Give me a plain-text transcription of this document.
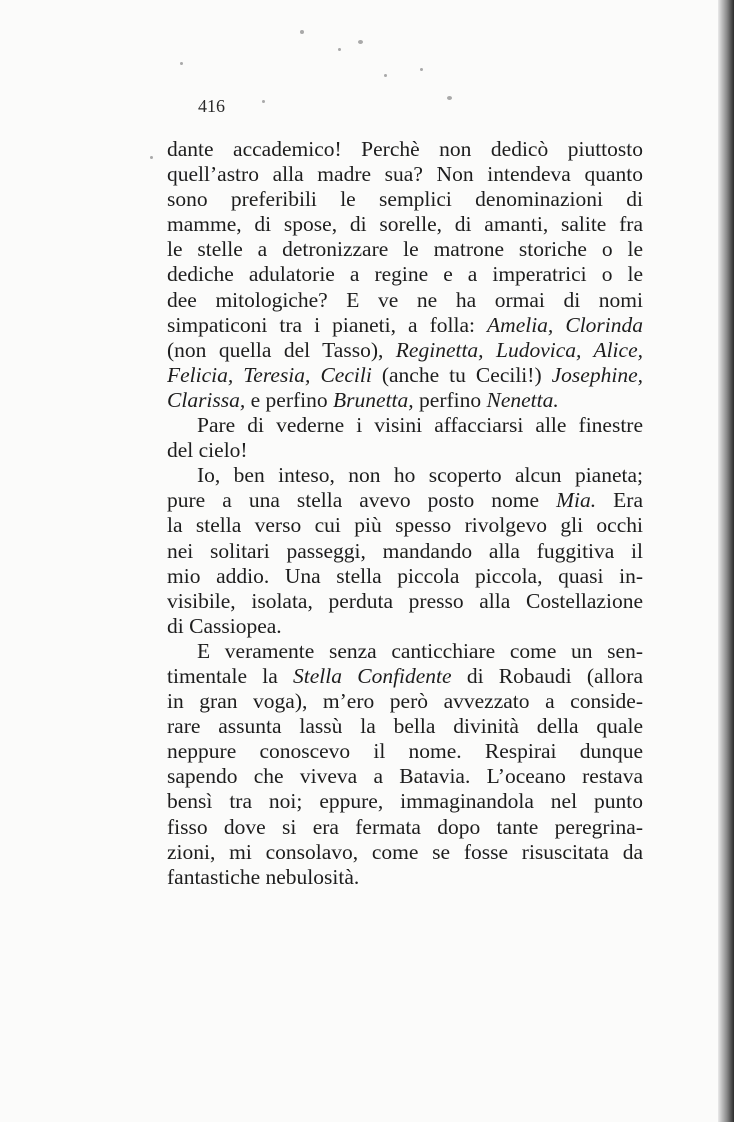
416
dante accademico! Perchè non dedicò piuttosto
quell’astro alla madre sua? Non intendeva quanto
sono preferibili le semplici denominazioni di
mamme, di spose, di sorelle, di amanti, salite fra
le stelle a detronizzare le matrone storiche o le
dediche adulatorie a regine e a imperatrici o le
dee mitologiche? E ve ne ha ormai di nomi
simpaticoni tra i pianeti, a folla: Amelia, Clorinda
(non quella del Tasso), Reginetta, Ludovica, Alice,
Felicia, Teresia, Cecili (anche tu Cecili!) Josephine,
Clarissa, e perfino Brunetta, perfino Nenetta.
Pare di vederne i visini affacciarsi alle finestre
del cielo!
Io, ben inteso, non ho scoperto alcun pianeta;
pure a una stella avevo posto nome Mia. Era
la stella verso cui più spesso rivolgevo gli occhi
nei solitari passeggi, mandando alla fuggitiva il
mio addio. Una stella piccola piccola, quasi in-
visibile, isolata, perduta presso alla Costellazione
di Cassiopea.
E veramente senza canticchiare come un sen-
timentale la Stella Confidente di Robaudi (allora
in gran voga), m’ero però avvezzato a conside-
rare assunta lassù la bella divinità della quale
neppure conoscevo il nome. Respirai dunque
sapendo che viveva a Batavia. L’oceano restava
bensì tra noi; eppure, immaginandola nel punto
fisso dove si era fermata dopo tante peregrina-
zioni, mi consolavo, come se fosse risuscitata da
fantastiche nebulosità.
